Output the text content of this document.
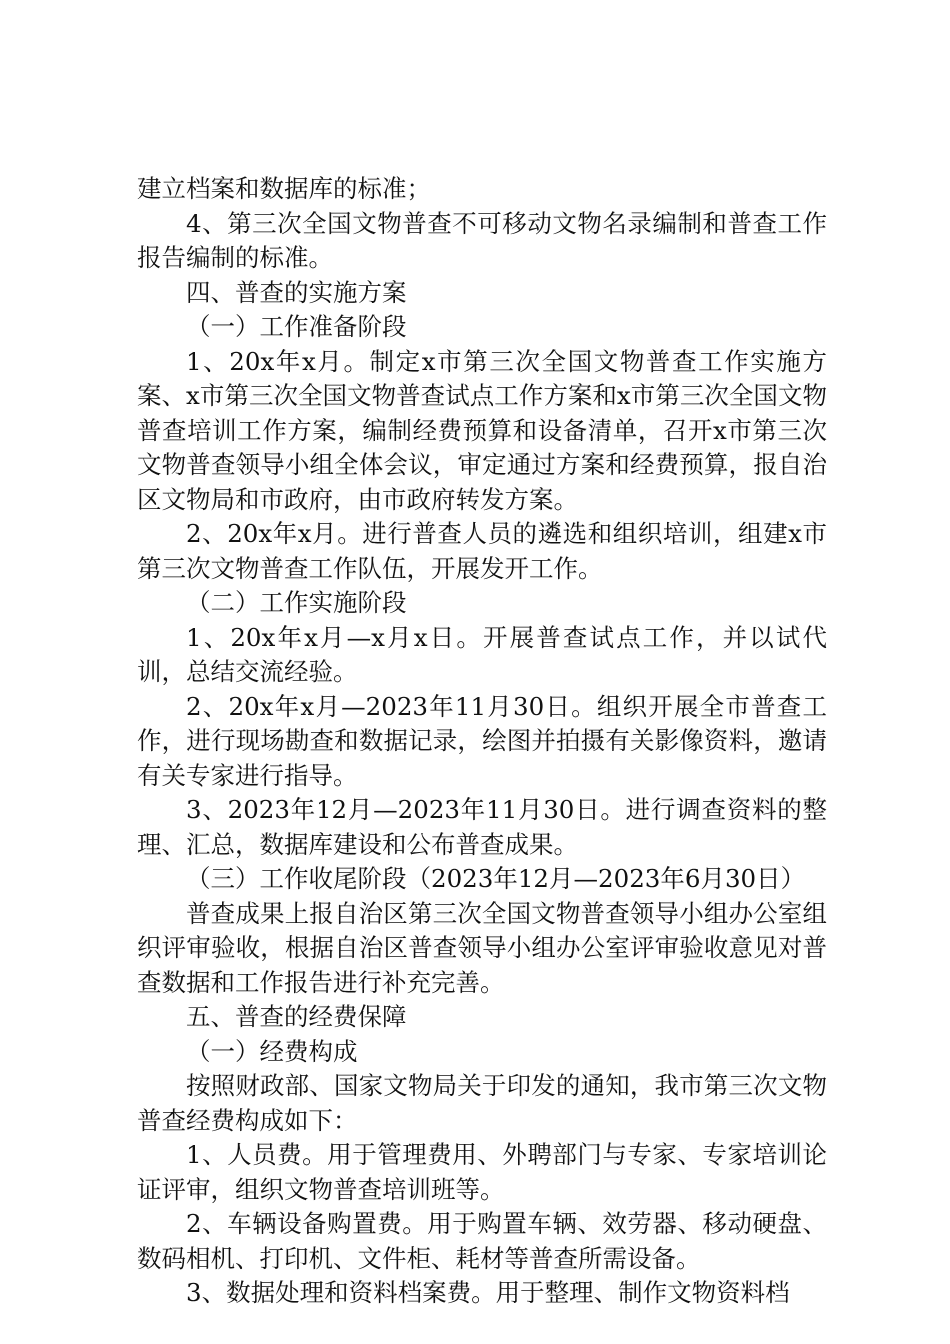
建立档案和数据库的标准；

4、第三次全国文物普查不可移动文物名录编制和普查工作报告编制的标准。

四、普查的实施方案

（一）工作准备阶段

1、20x年x月。制定x市第三次全国文物普查工作实施方案、x市第三次全国文物普查试点工作方案和x市第三次全国文物普查培训工作方案，编制经费预算和设备清单，召开x市第三次文物普查领导小组全体会议，审定通过方案和经费预算，报自治区文物局和市政府，由市政府转发方案。

2、20x年x月。进行普查人员的遴选和组织培训，组建x市第三次文物普查工作队伍，开展发开工作。

（二）工作实施阶段

1、20x年x月—x月x日。开展普查试点工作，并以试代训，总结交流经验。

2、20x年x月—2023年11月30日。组织开展全市普查工作，进行现场勘查和数据记录，绘图并拍摄有关影像资料，邀请有关专家进行指导。

3、2023年12月—2023年11月30日。进行调查资料的整理、汇总，数据库建设和公布普查成果。

（三）工作收尾阶段（2023年12月—2023年6月30日）

普查成果上报自治区第三次全国文物普查领导小组办公室组织评审验收，根据自治区普查领导小组办公室评审验收意见对普查数据和工作报告进行补充完善。

五、普查的经费保障

（一）经费构成

按照财政部、国家文物局关于印发的通知，我市第三次文物普查经费构成如下：

1、人员费。用于管理费用、外聘部门与专家、专家培训论证评审，组织文物普查培训班等。

2、车辆设备购置费。用于购置车辆、效劳器、移动硬盘、数码相机、打印机、文件柜、耗材等普查所需设备。

3、数据处理和资料档案费。用于整理、制作文物资料档
